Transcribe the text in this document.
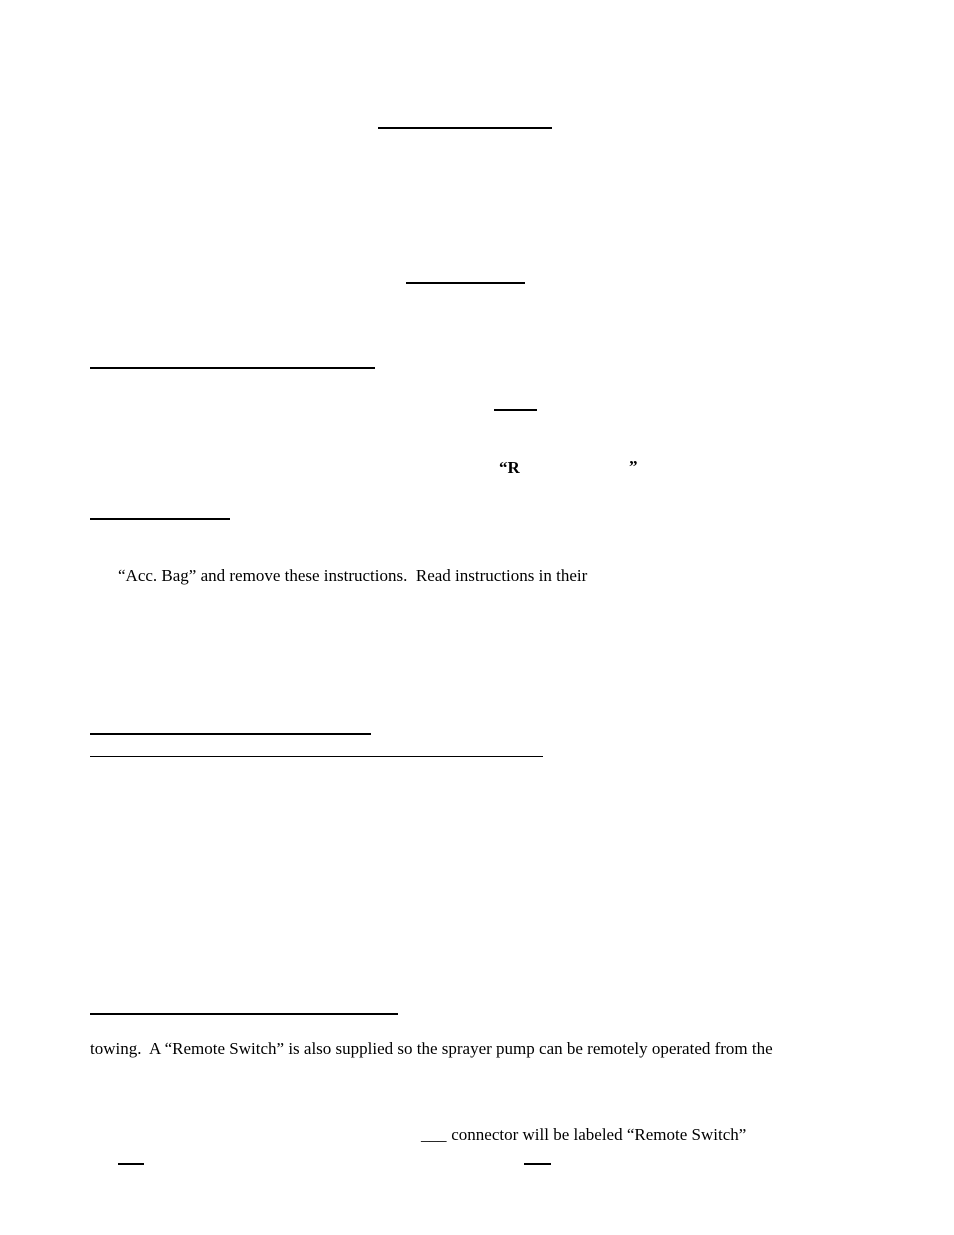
“R	”
“Acc. Bag” and remove these instructions.  Read instructions in their
towing.  A “Remote Switch” is also supplied so the sprayer pump can be remotely operated from the
___ connector will be labeled “Remote Switch”
